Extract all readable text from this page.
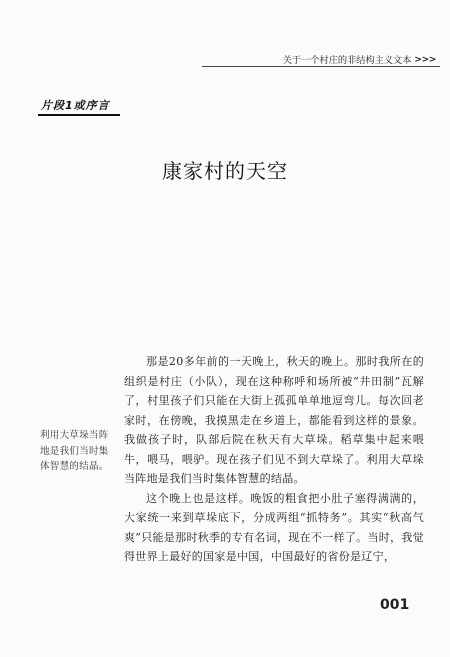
关于一个村庄的非结构主义文本 >>>
片段1或序言
康家村的天空
利用大草垛当阵地是我们当时集体智慧的结晶。

那是20多年前的一天晚上，秋天的晚上。那时我所在的组织是村庄（小队），现在这种称呼和场所被“井田制”瓦解了，村里孩子们只能在大街上孤孤单单地逗弯儿。每次回老家时，在傍晚，我摸黑走在乡道上，都能看到这样的景象。我做孩子时，队部后院在秋天有大草垛。稻草集中起来喂牛，喂马，喂驴。现在孩子们见不到大草垛了。利用大草垛当阵地是我们当时集体智慧的结晶。

这个晚上也是这样。晚饭的粗食把小肚子塞得满满的，大家统一来到草垛底下，分成两组“抓特务”。其实“秋高气爽”只能是那时秋季的专有名词，现在不一样了。当时，我觉得世界上最好的国家是中国，中国最好的省份是辽宁，

001
